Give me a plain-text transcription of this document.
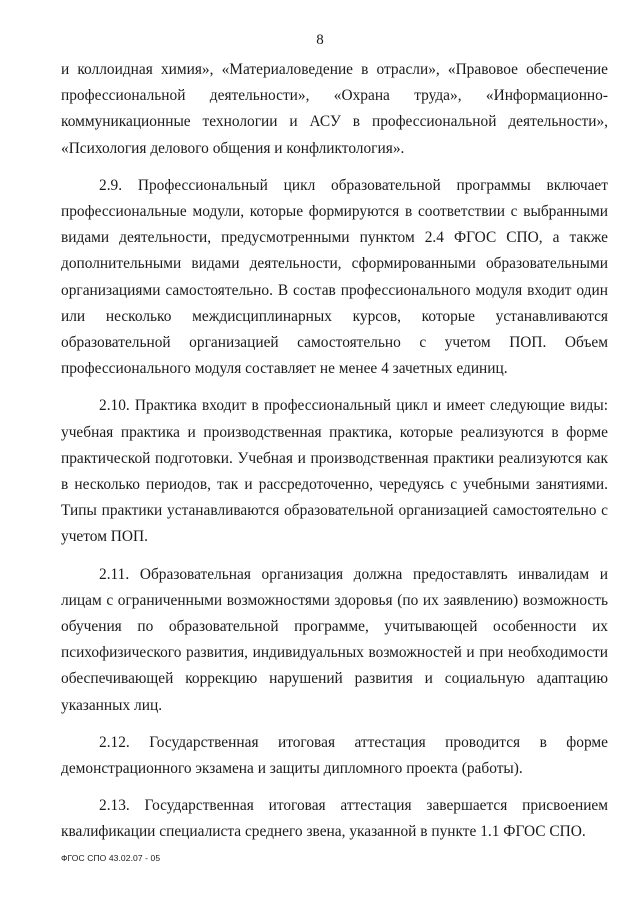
8

и коллоидная химия», «Материаловедение в отрасли», «Правовое обеспечение профессиональной деятельности», «Охрана труда», «Информационно-коммуникационные технологии и АСУ в профессиональной деятельности», «Психология делового общения и конфликтология».

2.9. Профессиональный цикл образовательной программы включает профессиональные модули, которые формируются в соответствии с выбранными видами деятельности, предусмотренными пунктом 2.4 ФГОС СПО, а также дополнительными видами деятельности, сформированными образовательными организациями самостоятельно. В состав профессионального модуля входит один или несколько междисциплинарных курсов, которые устанавливаются образовательной организацией самостоятельно с учетом ПОП. Объем профессионального модуля составляет не менее 4 зачетных единиц.

2.10. Практика входит в профессиональный цикл и имеет следующие виды: учебная практика и производственная практика, которые реализуются в форме практической подготовки. Учебная и производственная практики реализуются как в несколько периодов, так и рассредоточенно, чередуясь с учебными занятиями. Типы практики устанавливаются образовательной организацией самостоятельно с учетом ПОП.

2.11. Образовательная организация должна предоставлять инвалидам и лицам с ограниченными возможностями здоровья (по их заявлению) возможность обучения по образовательной программе, учитывающей особенности их психофизического развития, индивидуальных возможностей и при необходимости обеспечивающей коррекцию нарушений развития и социальную адаптацию указанных лиц.

2.12. Государственная итоговая аттестация проводится в форме демонстрационного экзамена и защиты дипломного проекта (работы).

2.13. Государственная итоговая аттестация завершается присвоением квалификации специалиста среднего звена, указанной в пункте 1.1 ФГОС СПО.

ФГОС СПО 43.02.07 - 05
